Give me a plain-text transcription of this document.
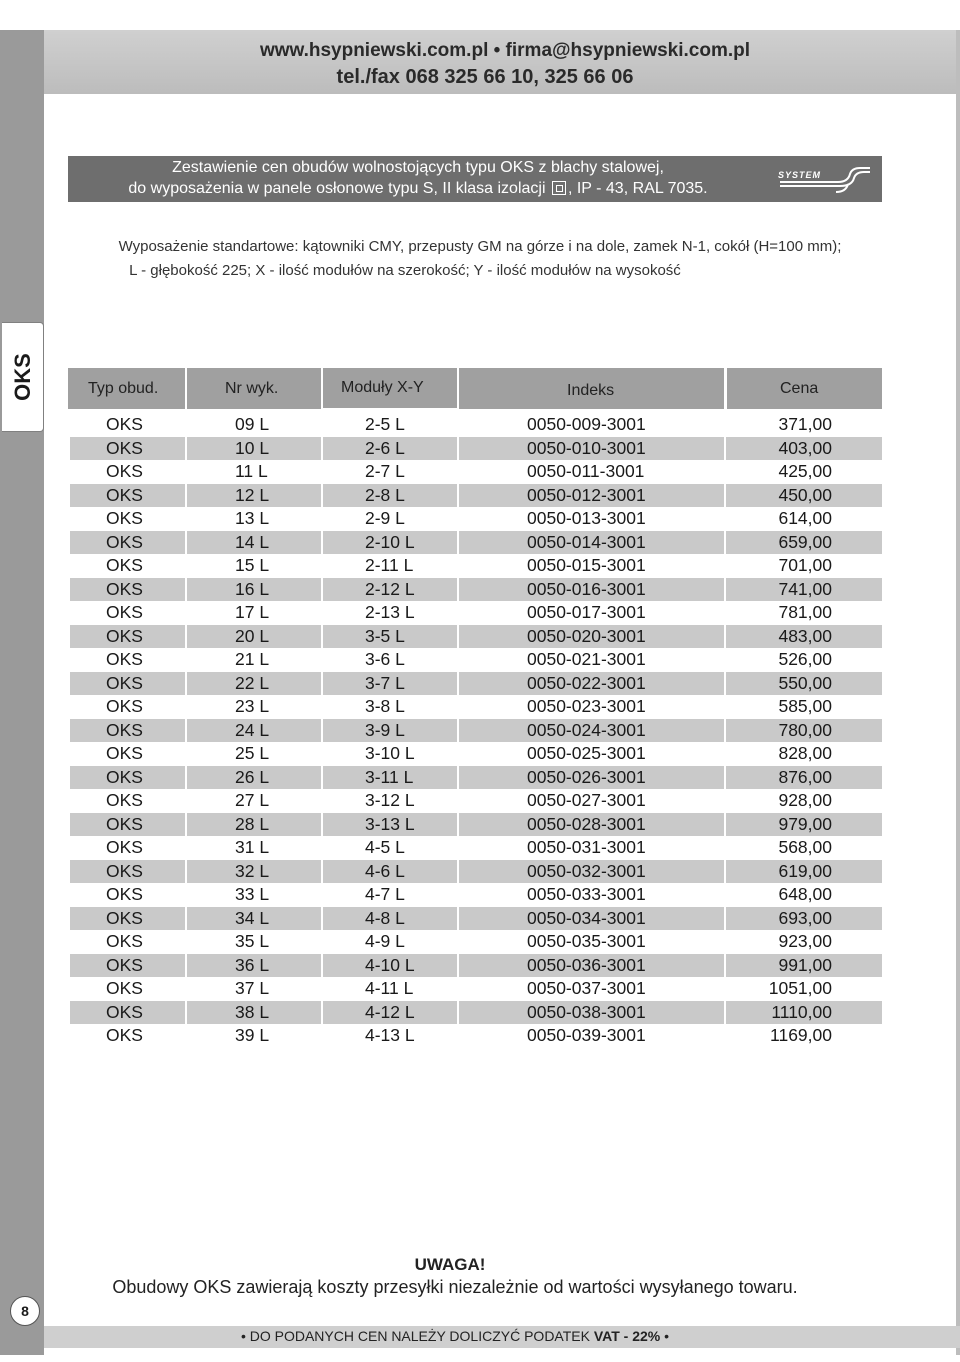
www.hsypniewski.com.pl • firma@hsypniewski.com.pl
tel./fax 068 325 66 10, 325 66 06
OKS
Zestawienie cen obudów wolnostojących typu OKS z blachy stalowej,
do wyposażenia w panele osłonowe typu S, II klasa izolacji , IP - 43, RAL 7035.
SYSTEM
Wyposażenie standartowe: kątowniki CMY, przepusty GM na górze i na dole, zamek N-1, cokół (H=100 mm);
L - głębokość 225; X - ilość modułów na szerokość; Y - ilość modułów na wysokość
Typ obud.	Nr wyk.	Moduły X-Y	Indeks	Cena
OKS	09 L	2-5 L	0050-009-3001	371,00
OKS	10 L	2-6 L	0050-010-3001	403,00
OKS	11 L	2-7 L	0050-011-3001	425,00
OKS	12 L	2-8 L	0050-012-3001	450,00
OKS	13 L	2-9 L	0050-013-3001	614,00
OKS	14 L	2-10 L	0050-014-3001	659,00
OKS	15 L	2-11 L	0050-015-3001	701,00
OKS	16 L	2-12 L	0050-016-3001	741,00
OKS	17 L	2-13 L	0050-017-3001	781,00
OKS	20 L	3-5 L	0050-020-3001	483,00
OKS	21 L	3-6 L	0050-021-3001	526,00
OKS	22 L	3-7 L	0050-022-3001	550,00
OKS	23 L	3-8 L	0050-023-3001	585,00
OKS	24 L	3-9 L	0050-024-3001	780,00
OKS	25 L	3-10 L	0050-025-3001	828,00
OKS	26 L	3-11 L	0050-026-3001	876,00
OKS	27 L	3-12 L	0050-027-3001	928,00
OKS	28 L	3-13 L	0050-028-3001	979,00
OKS	31 L	4-5 L	0050-031-3001	568,00
OKS	32 L	4-6 L	0050-032-3001	619,00
OKS	33 L	4-7 L	0050-033-3001	648,00
OKS	34 L	4-8 L	0050-034-3001	693,00
OKS	35 L	4-9 L	0050-035-3001	923,00
OKS	36 L	4-10 L	0050-036-3001	991,00
OKS	37 L	4-11 L	0050-037-3001	1051,00
OKS	38 L	4-12 L	0050-038-3001	1110,00
OKS	39 L	4-13 L	0050-039-3001	1169,00
UWAGA!
Obudowy OKS zawierają koszty przesyłki niezależnie od wartości wysyłanego towaru.
• DO PODANYCH CEN NALEŻY DOLICZYĆ PODATEK VAT - 22% •
8
